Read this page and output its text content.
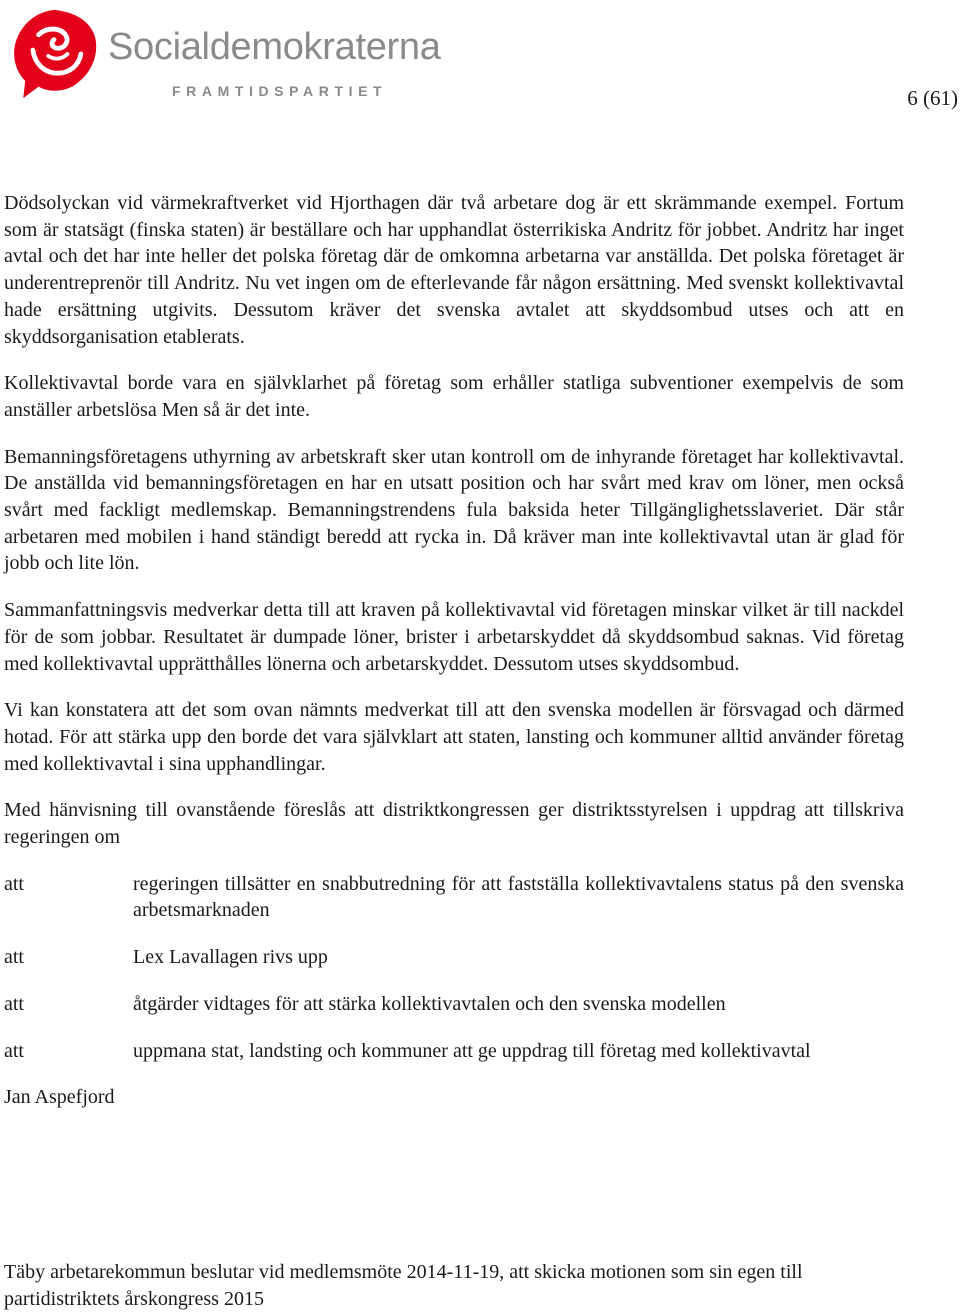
Socialdemokraterna
FRAMTIDSPARTIET	6 (61)

Dödsolyckan vid värmekraftverket vid Hjorthagen där två arbetare dog är ett skrämmande exempel. Fortum som är statsägt (finska staten) är beställare och har upphandlat österrikiska Andritz för jobbet. Andritz har inget avtal och det har inte heller det polska företag där de omkomna arbetarna var anställda. Det polska företaget är underentreprenör till Andritz. Nu vet ingen om de efterlevande får någon ersättning. Med svenskt kollektivavtal hade ersättning utgivits. Dessutom kräver det svenska avtalet att skyddsombud utses och att en skyddsorganisation etablerats.

Kollektivavtal borde vara en självklarhet på företag som erhåller statliga subventioner exempelvis de som anställer arbetslösa Men så är det inte.

Bemanningsföretagens uthyrning av arbetskraft sker utan kontroll om de inhyrande företaget har kollektivavtal. De anställda vid bemanningsföretagen en har en utsatt position och har svårt med krav om löner, men också svårt med fackligt medlemskap. Bemanningstrendens fula baksida heter Tillgänglighetsslaveriet. Där står arbetaren med mobilen i hand ständigt beredd att rycka in. Då kräver man inte kollektivavtal utan är glad för jobb och lite lön.

Sammanfattningsvis medverkar detta till att kraven på kollektivavtal vid företagen minskar vilket är till nackdel för de som jobbar. Resultatet är dumpade löner, brister i arbetarskyddet då skyddsombud saknas. Vid företag med kollektivavtal upprätthålles lönerna och arbetarskyddet. Dessutom utses skyddsombud.

Vi kan konstatera att det som ovan nämnts medverkat till att den svenska modellen är försvagad och därmed hotad. För att stärka upp den borde det vara självklart att staten, lansting och kommuner alltid använder företag med kollektivavtal i sina upphandlingar.

Med hänvisning till ovanstående föreslås att distriktkongressen ger distriktsstyrelsen i uppdrag att tillskriva regeringen om

att	regeringen tillsätter en snabbutredning för att fastställa kollektivavtalens status på den svenska arbetsmarknaden
att	Lex Lavallagen rivs upp
att	åtgärder vidtages för att stärka kollektivavtalen och den svenska modellen
att	uppmana stat, landsting och kommuner att ge uppdrag till företag med kollektivavtal

Jan Aspefjord

Täby arbetarekommun beslutar vid medlemsmöte 2014-11-19, att skicka motionen som sin egen till partidistriktets årskongress 2015
